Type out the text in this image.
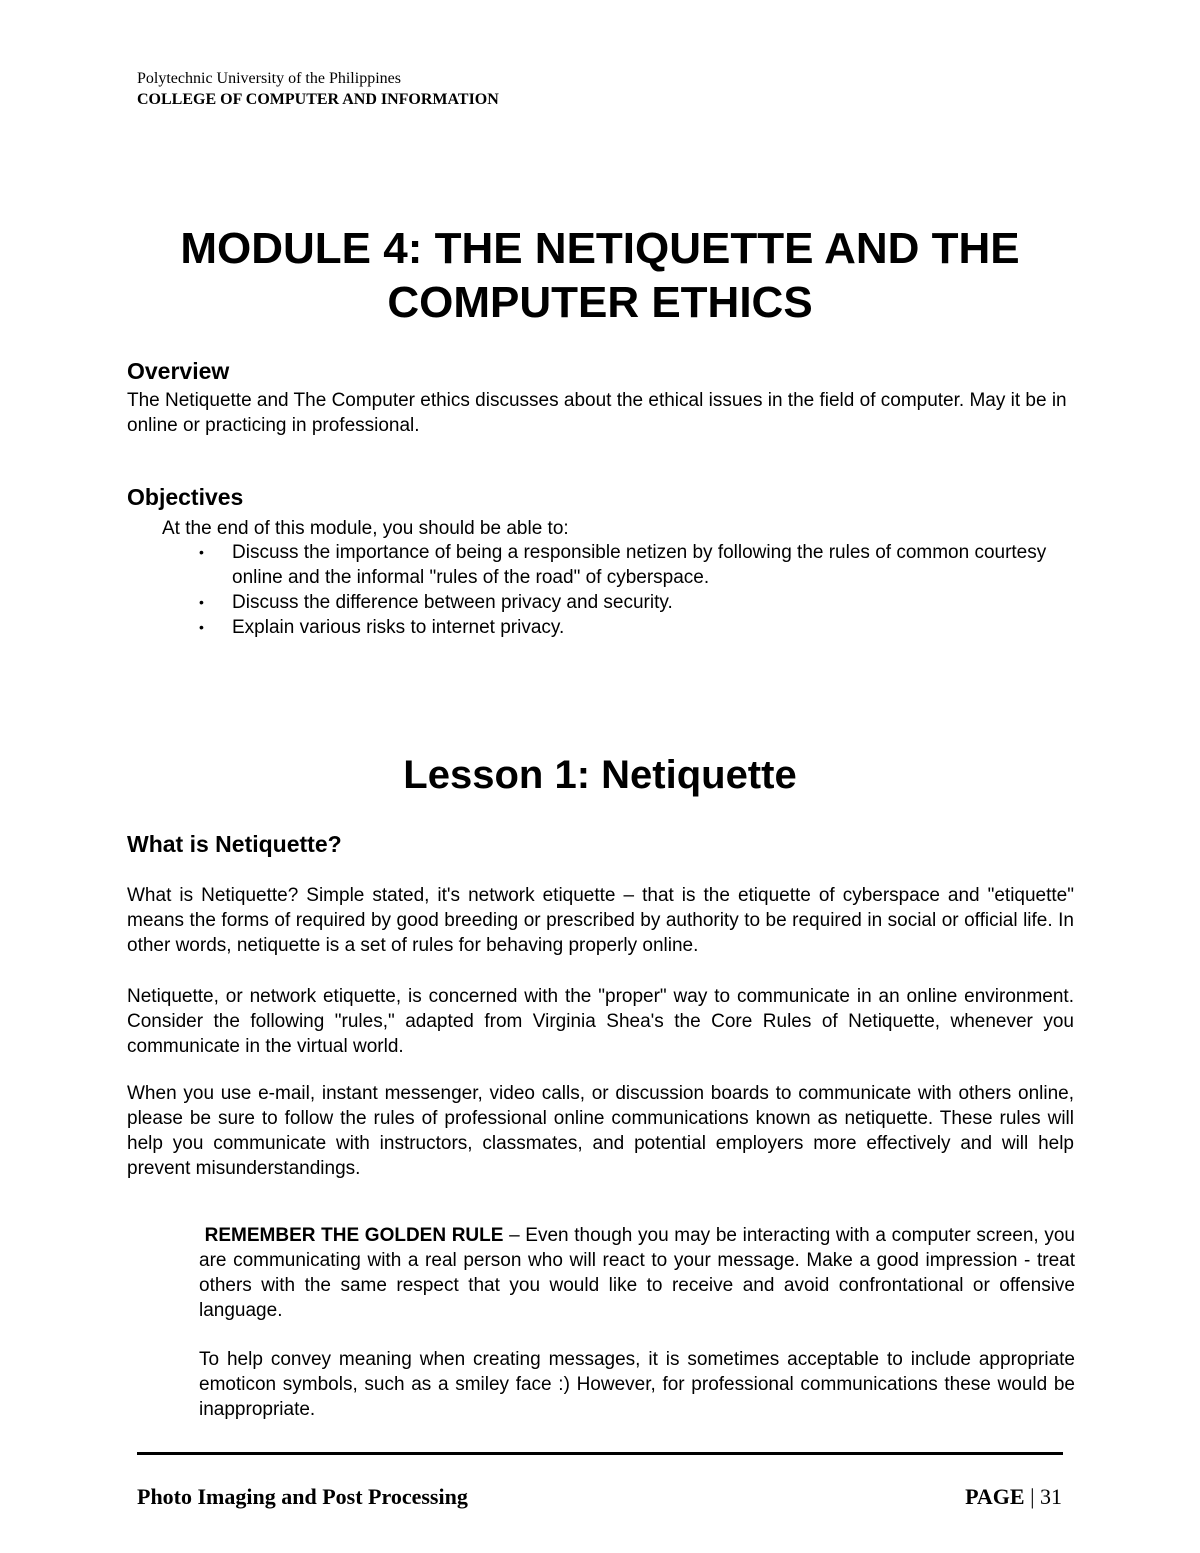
Polytechnic University of the Philippines
COLLEGE OF COMPUTER AND INFORMATION
MODULE 4: THE NETIQUETTE AND THE
COMPUTER ETHICS
Overview
The Netiquette and The Computer ethics discusses about the ethical issues in the field of computer. May it be in online or practicing in professional.
Objectives
At the end of this module, you should be able to:
• Discuss the importance of being a responsible netizen by following the rules of common courtesy online and the informal "rules of the road" of cyberspace.
• Discuss the difference between privacy and security.
• Explain various risks to internet privacy.
Lesson 1: Netiquette
What is Netiquette?
What is Netiquette? Simple stated, it's network etiquette – that is the etiquette of cyberspace and "etiquette" means the forms of required by good breeding or prescribed by authority to be required in social or official life. In other words, netiquette is a set of rules for behaving properly online.
Netiquette, or network etiquette, is concerned with the "proper" way to communicate in an online environment. Consider the following "rules," adapted from Virginia Shea's the Core Rules of Netiquette, whenever you communicate in the virtual world.
When you use e-mail, instant messenger, video calls, or discussion boards to communicate with others online, please be sure to follow the rules of professional online communications known as netiquette. These rules will help you communicate with instructors, classmates, and potential employers more effectively and will help prevent misunderstandings.
REMEMBER THE GOLDEN RULE – Even though you may be interacting with a computer screen, you are communicating with a real person who will react to your message. Make a good impression - treat others with the same respect that you would like to receive and avoid confrontational or offensive language.
To help convey meaning when creating messages, it is sometimes acceptable to include appropriate emoticon symbols, such as a smiley face :) However, for professional communications these would be inappropriate.
Photo Imaging and Post Processing	PAGE | 31
